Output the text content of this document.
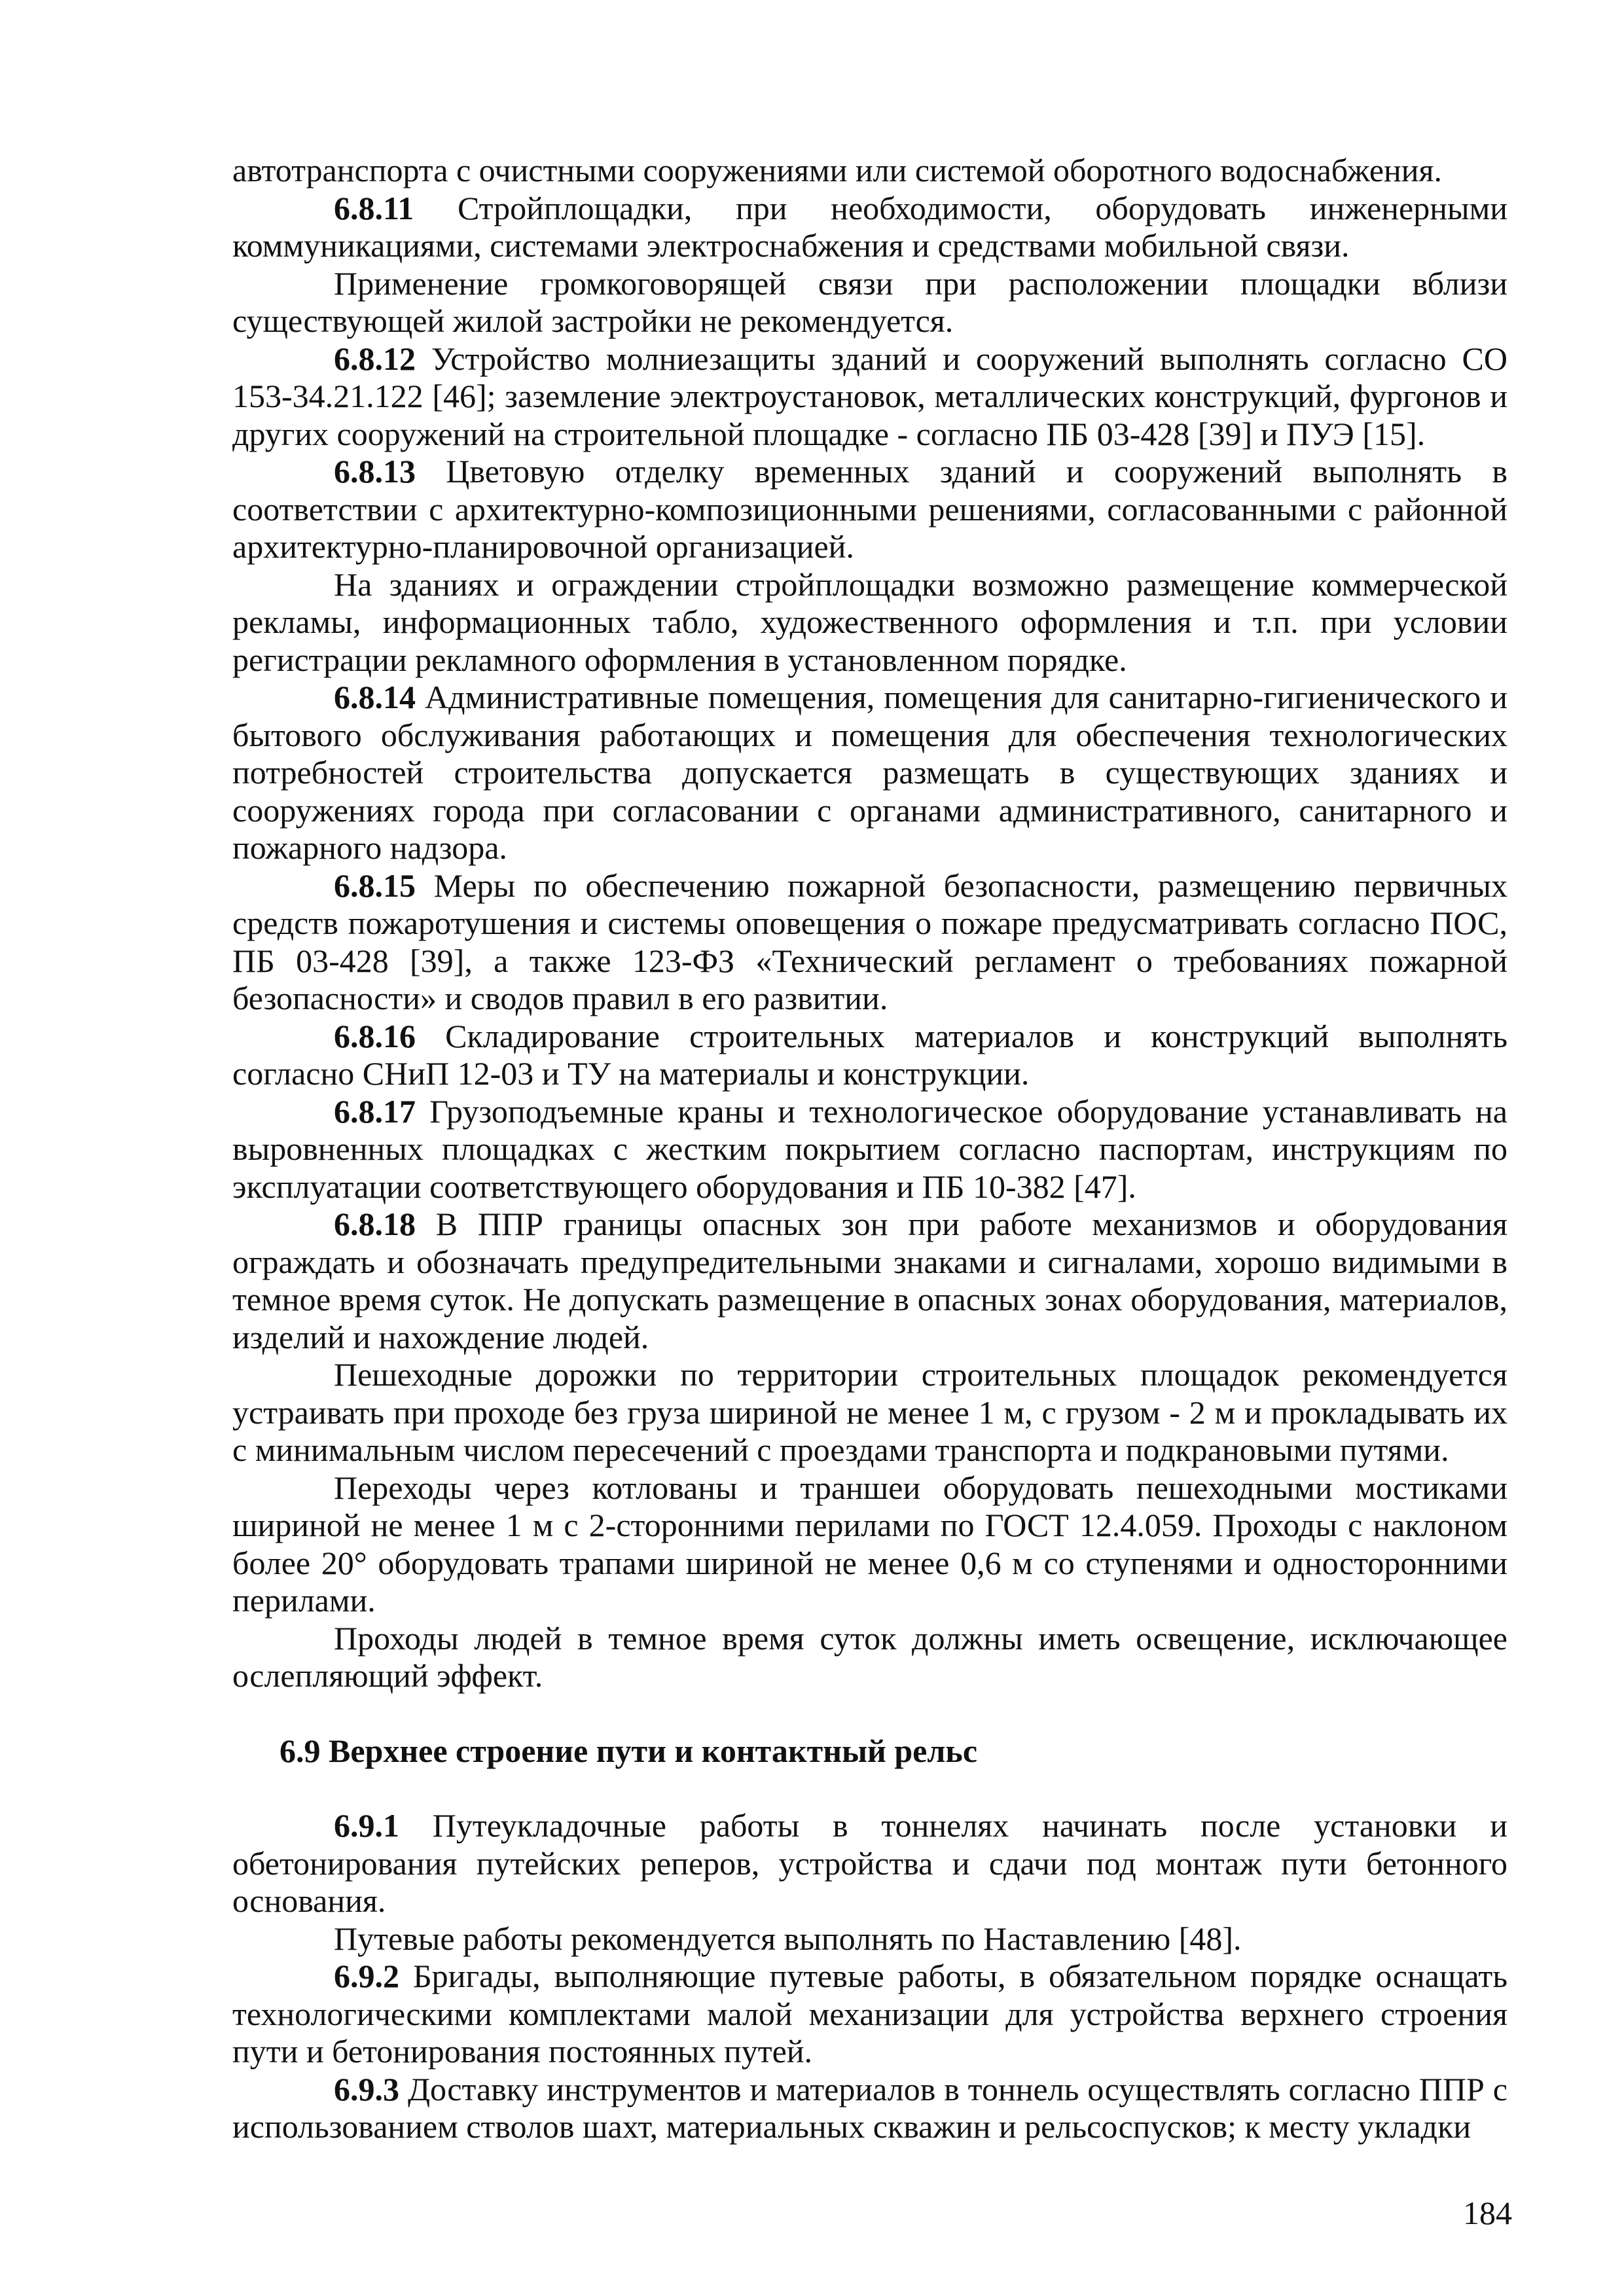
автотранспорта с очистными сооружениями или системой оборотного водоснабжения.

6.8.11 Стройплощадки, при необходимости, оборудовать инженерными коммуникациями, системами электроснабжения и средствами мобильной связи.

Применение громкоговорящей связи при расположении площадки вблизи существующей жилой застройки не рекомендуется.

6.8.12 Устройство молниезащиты зданий и сооружений выполнять согласно СО 153-34.21.122 [46]; заземление электроустановок, металлических конструкций, фургонов и других сооружений на строительной площадке - согласно ПБ 03-428 [39] и ПУЭ [15].

6.8.13 Цветовую отделку временных зданий и сооружений выполнять в соответствии с архитектурно-композиционными решениями, согласованными с районной архитектурно-планировочной организацией.

На зданиях и ограждении стройплощадки возможно размещение коммерческой рекламы, информационных табло, художественного оформления и т.п. при условии регистрации рекламного оформления в установленном порядке.

6.8.14 Административные помещения, помещения для санитарно-гигиенического и бытового обслуживания работающих и помещения для обеспечения технологических потребностей строительства допускается размещать в существующих зданиях и сооружениях города при согласовании с органами административного, санитарного и пожарного надзора.

6.8.15 Меры по обеспечению пожарной безопасности, размещению первичных средств пожаротушения и системы оповещения о пожаре предусматривать согласно ПОС, ПБ 03-428 [39], а также 123-ФЗ «Технический регламент о требованиях пожарной безопасности» и сводов правил в его развитии.

6.8.16 Складирование строительных материалов и конструкций выполнять согласно СНиП 12-03 и ТУ на материалы и конструкции.

6.8.17 Грузоподъемные краны и технологическое оборудование устанавливать на выровненных площадках с жестким покрытием согласно паспортам, инструкциям по эксплуатации соответствующего оборудования и ПБ 10-382 [47].

6.8.18 В ППР границы опасных зон при работе механизмов и оборудования ограждать и обозначать предупредительными знаками и сигналами, хорошо видимыми в темное время суток. Не допускать размещение в опасных зонах оборудования, материалов, изделий и нахождение людей.

Пешеходные дорожки по территории строительных площадок рекомендуется устраивать при проходе без груза шириной не менее 1 м, с грузом - 2 м и прокладывать их с минимальным числом пересечений с проездами транспорта и подкрановыми путями.

Переходы через котлованы и траншеи оборудовать пешеходными мостиками шириной не менее 1 м с 2-сторонними перилами по ГОСТ 12.4.059. Проходы с наклоном более 20° оборудовать трапами шириной не менее 0,6 м со ступенями и односторонними перилами.

Проходы людей в темное время суток должны иметь освещение, исключающее ослепляющий эффект.

6.9 Верхнее строение пути и контактный рельс

6.9.1 Путеукладочные работы в тоннелях начинать после установки и обетонирования путейских реперов, устройства и сдачи под монтаж пути бетонного основания.

Путевые работы рекомендуется выполнять по Наставлению [48].

6.9.2 Бригады, выполняющие путевые работы, в обязательном порядке оснащать технологическими комплектами малой механизации для устройства верхнего строения пути и бетонирования постоянных путей.

6.9.3 Доставку инструментов и материалов в тоннель осуществлять согласно ППР с использованием стволов шахт, материальных скважин и рельсоспусков; к месту укладки

184
